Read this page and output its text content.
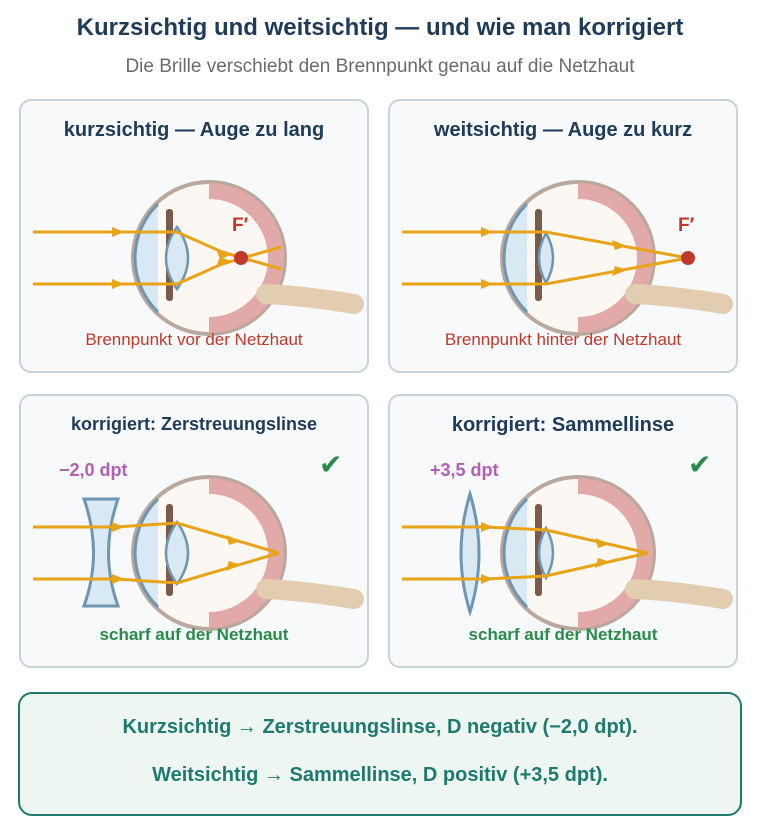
Kurzsichtig und weitsichtig — und wie man korrigiert
Die Brille verschiebt den Brennpunkt genau auf die Netzhaut
F′
kurzsichtig — Auge zu lang
Brennpunkt vor der Netzhaut
F′
weitsichtig — Auge zu kurz
Brennpunkt hinter der Netzhaut
korrigiert: Zerstreuungslinse
−2,0 dpt	✔
scharf auf der Netzhaut
korrigiert: Sammellinse
+3,5 dpt	✔
scharf auf der Netzhaut
Kurzsichtig → Zerstreuungslinse, D negativ (−2,0 dpt).
Weitsichtig → Sammellinse, D positiv (+3,5 dpt).
